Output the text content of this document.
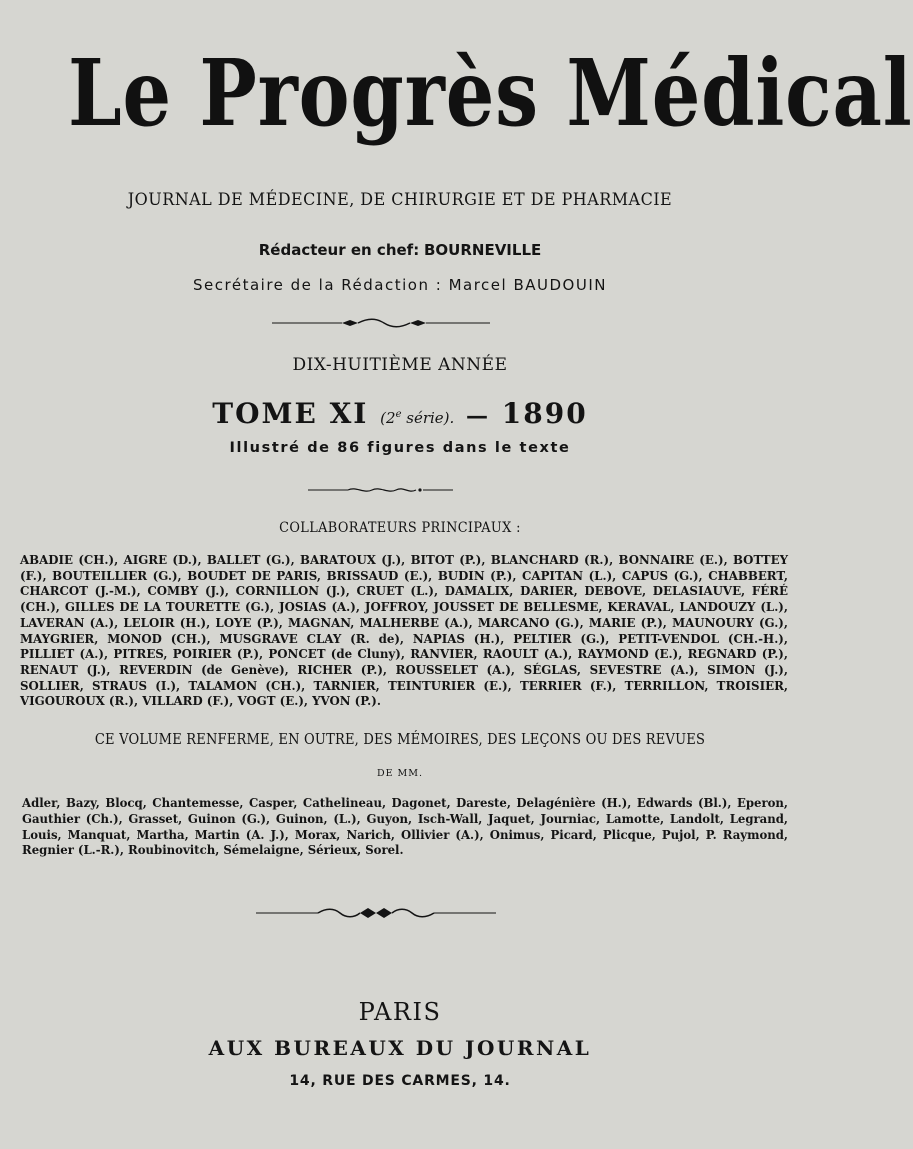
Le Progrès Médical
JOURNAL DE MÉDECINE, DE CHIRURGIE ET DE PHARMACIE
Rédacteur en chef: BOURNEVILLE
Secrétaire de la Rédaction : Marcel BAUDOUIN
DIX-HUITIÈME ANNÉE
TOME XI (2e série). — 1890
Illustré de 86 figures dans le texte
COLLABORATEURS PRINCIPAUX :
ABADIE (CH.), AIGRE (D.), BALLET (G.), BARATOUX (J.), BITOT (P.), BLANCHARD (R.), BONNAIRE (E.), BOTTEY (F.), BOUTEILLIER (G.), BOUDET DE PARIS, BRISSAUD (E.), BUDIN (P.), CAPITAN (L.), CAPUS (G.), CHABBERT, CHARCOT (J.-M.), COMBY (J.), CORNILLON (J.), CRUET (L.), DAMALIX, DARIER, DEBOVE, DELASIAUVE, FÉRÉ (CH.), GILLES DE LA TOURETTE (G.), JOSIAS (A.), JOFFROY, JOUSSET DE BELLESME, KERAVAL, LANDOUZY (L.), LAVERAN (A.), LELOIR (H.), LOYE (P.), MAGNAN, MALHERBE (A.), MARCANO (G.), MARIE (P.), MAUNOURY (G.), MAYGRIER, MONOD (CH.), MUSGRAVE CLAY (R. de), NAPIAS (H.), PELTIER (G.), PETIT-VENDOL (CH.-H.), PILLIET (A.), PITRES, POIRIER (P.), PONCET (de Cluny), RANVIER, RAOULT (A.), RAYMOND (E.), REGNARD (P.), RENAUT (J.), REVERDIN (de Genève), RICHER (P.), ROUSSELET (A.), SÉGLAS, SEVESTRE (A.), SIMON (J.), SOLLIER, STRAUS (I.), TALAMON (CH.), TARNIER, TEINTURIER (E.), TERRIER (F.), TERRILLON, TROISIER, VIGOUROUX (R.), VILLARD (F.), VOGT (E.), YVON (P.).
CE VOLUME RENFERME, EN OUTRE, DES MÉMOIRES, DES LEÇONS OU DES REVUES
DE MM.
Adler, Bazy, Blocq, Chantemesse, Casper, Cathelineau, Dagonet, Dareste, Delagénière (H.), Edwards (Bl.), Eperon, Gauthier (Ch.), Grasset, Guinon (G.), Guinon, (L.), Guyon, Isch-Wall, Jaquet, Journiac, Lamotte, Landolt, Legrand, Louis, Manquat, Martha, Martin (A. J.), Morax, Narich, Ollivier (A.), Onimus, Picard, Plicque, Pujol, P. Raymond, Regnier (L.-R.), Roubinovitch, Sémelaigne, Sérieux, Sorel.
PARIS
AUX BUREAUX DU JOURNAL
14, RUE DES CARMES, 14.
